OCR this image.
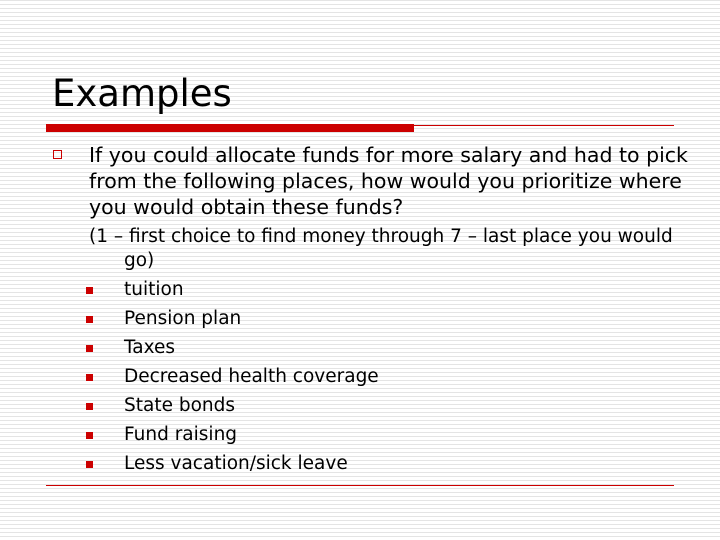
Examples

If you could allocate funds for more salary and had to pick from the following places, how would you prioritize where you would obtain these funds?

(1 – first choice to find money through 7 – last place you would go)

tuition
Pension plan
Taxes
Decreased health coverage
State bonds
Fund raising
Less vacation/sick leave
